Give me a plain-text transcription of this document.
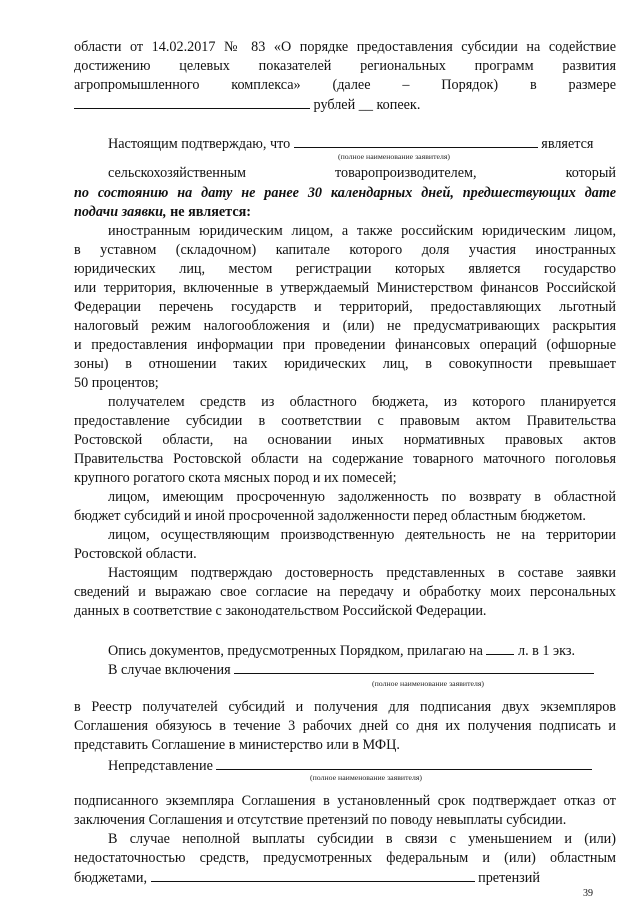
области от 14.02.2017 № 83 «О порядке предоставления субсидии на содействие
достижению целевых показателей региональных программ развития
агропромышленного комплекса» (далее – Порядок) в размере
рублей __ копеек.
Настоящим подтверждаю, что	является
(полное наименование заявителя)
сельскохозяйственным товаропроизводителем, который
по состоянию на дату не ранее 30 календарных дней, предшествующих дате
подачи заявки, не является:
иностранным юридическим лицом, а также российским юридическим лицом,
в уставном (складочном) капитале которого доля участия иностранных
юридических лиц, местом регистрации которых является государство
или территория, включенные в утверждаемый Министерством финансов Российской
Федерации перечень государств и территорий, предоставляющих льготный
налоговый режим налогообложения и (или) не предусматривающих раскрытия
и предоставления информации при проведении финансовых операций (офшорные
зоны) в отношении таких юридических лиц, в совокупности превышает
50 процентов;
получателем средств из областного бюджета, из которого планируется
предоставление субсидии в соответствии с правовым актом Правительства
Ростовской области, на основании иных нормативных правовых актов
Правительства Ростовской области на содержание товарного маточного поголовья
крупного рогатого скота мясных пород и их помесей;
лицом, имеющим просроченную задолженность по возврату в областной
бюджет субсидий и иной просроченной задолженности перед областным бюджетом.
лицом, осуществляющим производственную деятельность не на территории
Ростовской области.
Настоящим подтверждаю достоверность представленных в составе заявки
сведений и выражаю свое согласие на передачу и обработку моих персональных
данных в соответствие с законодательством Российской Федерации.
Опись документов, предусмотренных Порядком, прилагаю на л. в 1 экз.
В случае включения
(полное наименование заявителя)
в Реестр получателей субсидий и получения для подписания двух экземпляров
Соглашения обязуюсь в течение 3 рабочих дней со дня их получения подписать и
представить Соглашение в министерство или в МФЦ.
Непредставление
(полное наименование заявителя)
подписанного экземпляра Соглашения в установленный срок подтверждает отказ от
заключения Соглашения и отсутствие претензий по поводу невыплаты субсидии.
В случае неполной выплаты субсидии в связи с уменьшением и (или)
недостаточностью средств, предусмотренных федеральным и (или) областным
бюджетами,	претензий
39
